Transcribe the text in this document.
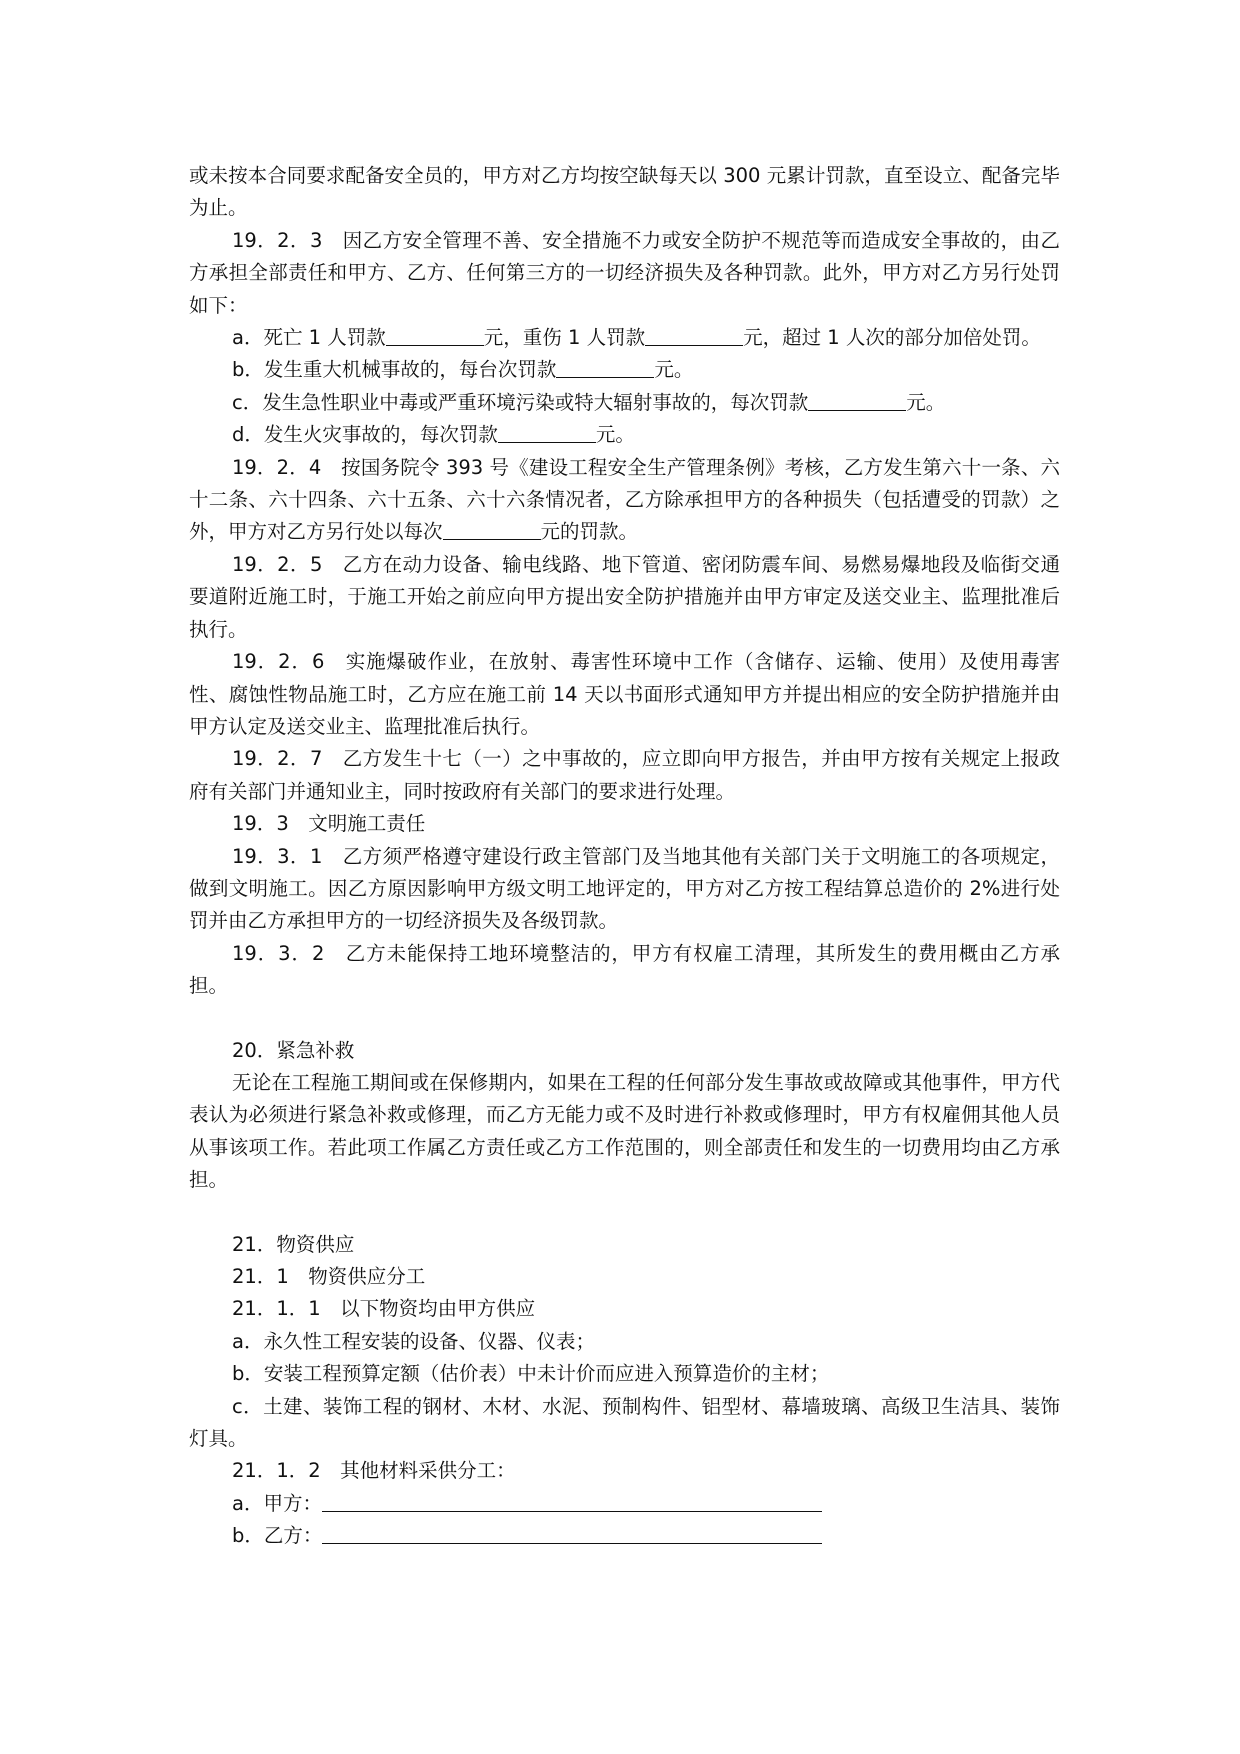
或未按本合同要求配备安全员的，甲方对乙方均按空缺每天以 300 元累计罚款，直至设立、配备完毕为止。

19．2．3　因乙方安全管理不善、安全措施不力或安全防护不规范等而造成安全事故的，由乙方承担全部责任和甲方、乙方、任何第三方的一切经济损失及各种罚款。此外，甲方对乙方另行处罚如下：

a．死亡 1 人罚款	元，重伤 1 人罚款	元，超过 1 人次的部分加倍处罚。

b．发生重大机械事故的，每台次罚款	元。

c．发生急性职业中毒或严重环境污染或特大辐射事故的，每次罚款	元。

d．发生火灾事故的，每次罚款	元。

19．2．4　按国务院令 393 号《建设工程安全生产管理条例》考核，乙方发生第六十一条、六十二条、六十四条、六十五条、六十六条情况者，乙方除承担甲方的各种损失（包括遭受的罚款）之外，甲方对乙方另行处以每次	元的罚款。

19．2．5　乙方在动力设备、输电线路、地下管道、密闭防震车间、易燃易爆地段及临街交通要道附近施工时，于施工开始之前应向甲方提出安全防护措施并由甲方审定及送交业主、监理批准后执行。

19．2．6　实施爆破作业，在放射、毒害性环境中工作（含储存、运输、使用）及使用毒害性、腐蚀性物品施工时，乙方应在施工前 14 天以书面形式通知甲方并提出相应的安全防护措施并由甲方认定及送交业主、监理批准后执行。

19．2．7　乙方发生十七（一）之中事故的，应立即向甲方报告，并由甲方按有关规定上报政府有关部门并通知业主，同时按政府有关部门的要求进行处理。

19．3　文明施工责任

19．3．1　乙方须严格遵守建设行政主管部门及当地其他有关部门关于文明施工的各项规定，做到文明施工。因乙方原因影响甲方级文明工地评定的，甲方对乙方按工程结算总造价的 2%进行处罚并由乙方承担甲方的一切经济损失及各级罚款。

19．3．2　乙方未能保持工地环境整洁的，甲方有权雇工清理，其所发生的费用概由乙方承担。

20．紧急补救

无论在工程施工期间或在保修期内，如果在工程的任何部分发生事故或故障或其他事件，甲方代表认为必须进行紧急补救或修理，而乙方无能力或不及时进行补救或修理时，甲方有权雇佣其他人员从事该项工作。若此项工作属乙方责任或乙方工作范围的，则全部责任和发生的一切费用均由乙方承担。

21．物资供应

21．1　物资供应分工

21．1．1　以下物资均由甲方供应

a．永久性工程安装的设备、仪器、仪表；

b．安装工程预算定额（估价表）中未计价而应进入预算造价的主材；

c．土建、装饰工程的钢材、木材、水泥、预制构件、铝型材、幕墙玻璃、高级卫生洁具、装饰灯具。

21．1．2　其他材料采供分工：

a．甲方：

b．乙方：
